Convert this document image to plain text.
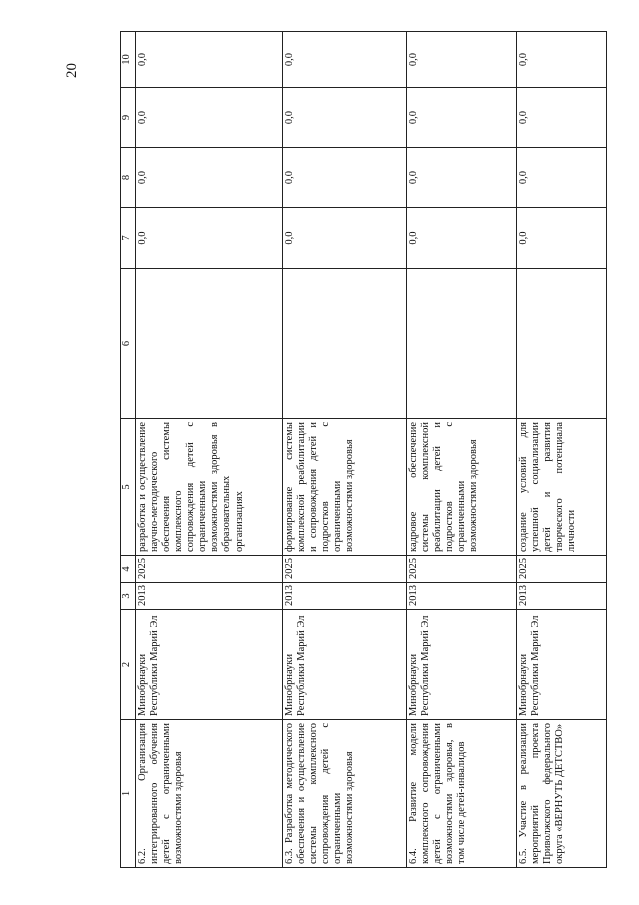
20
1	2	3	4	5	6	7	8	9	10
6.2. Организация интегрированного обучения детей с ограниченными возможностями здоровья	Минобрнауки Республики Марий Эл	2013	2025	разработка и осуществление научно-методического обеспечения системы комплексного сопровождения детей с ограниченными возможностями здоровья в образовательных организациях		0,0	0,0	0,0	0,0
6.3. Разработка методического обеспечения и осуществление системы комплексного сопровождения детей с ограниченными возможностями здоровья	Минобрнауки Республики Марий Эл	2013	2025	формирование системы комплексной реабилитации и сопровождения детей и подростков с ограниченными возможностями здоровья		0,0	0,0	0,0	0,0
6.4. Развитие модели комплексного сопровождения детей с ограниченными возможностями здоровья, в том числе детей-инвалидов	Минобрнауки Республики Марий Эл	2013	2025	кадровое обеспечение системы комплексной реабилитации детей и подростков с ограниченными возможностями здоровья		0,0	0,0	0,0	0,0
6.5. Участие в реализации мероприятий проекта Приволжского федерального округа «ВЕРНУТЬ ДЕТСТВО»	Минобрнауки Республики Марий Эл	2013	2025	создание условий для успешной социализации детей и развития творческого потенциала личности		0,0	0,0	0,0	0,0
